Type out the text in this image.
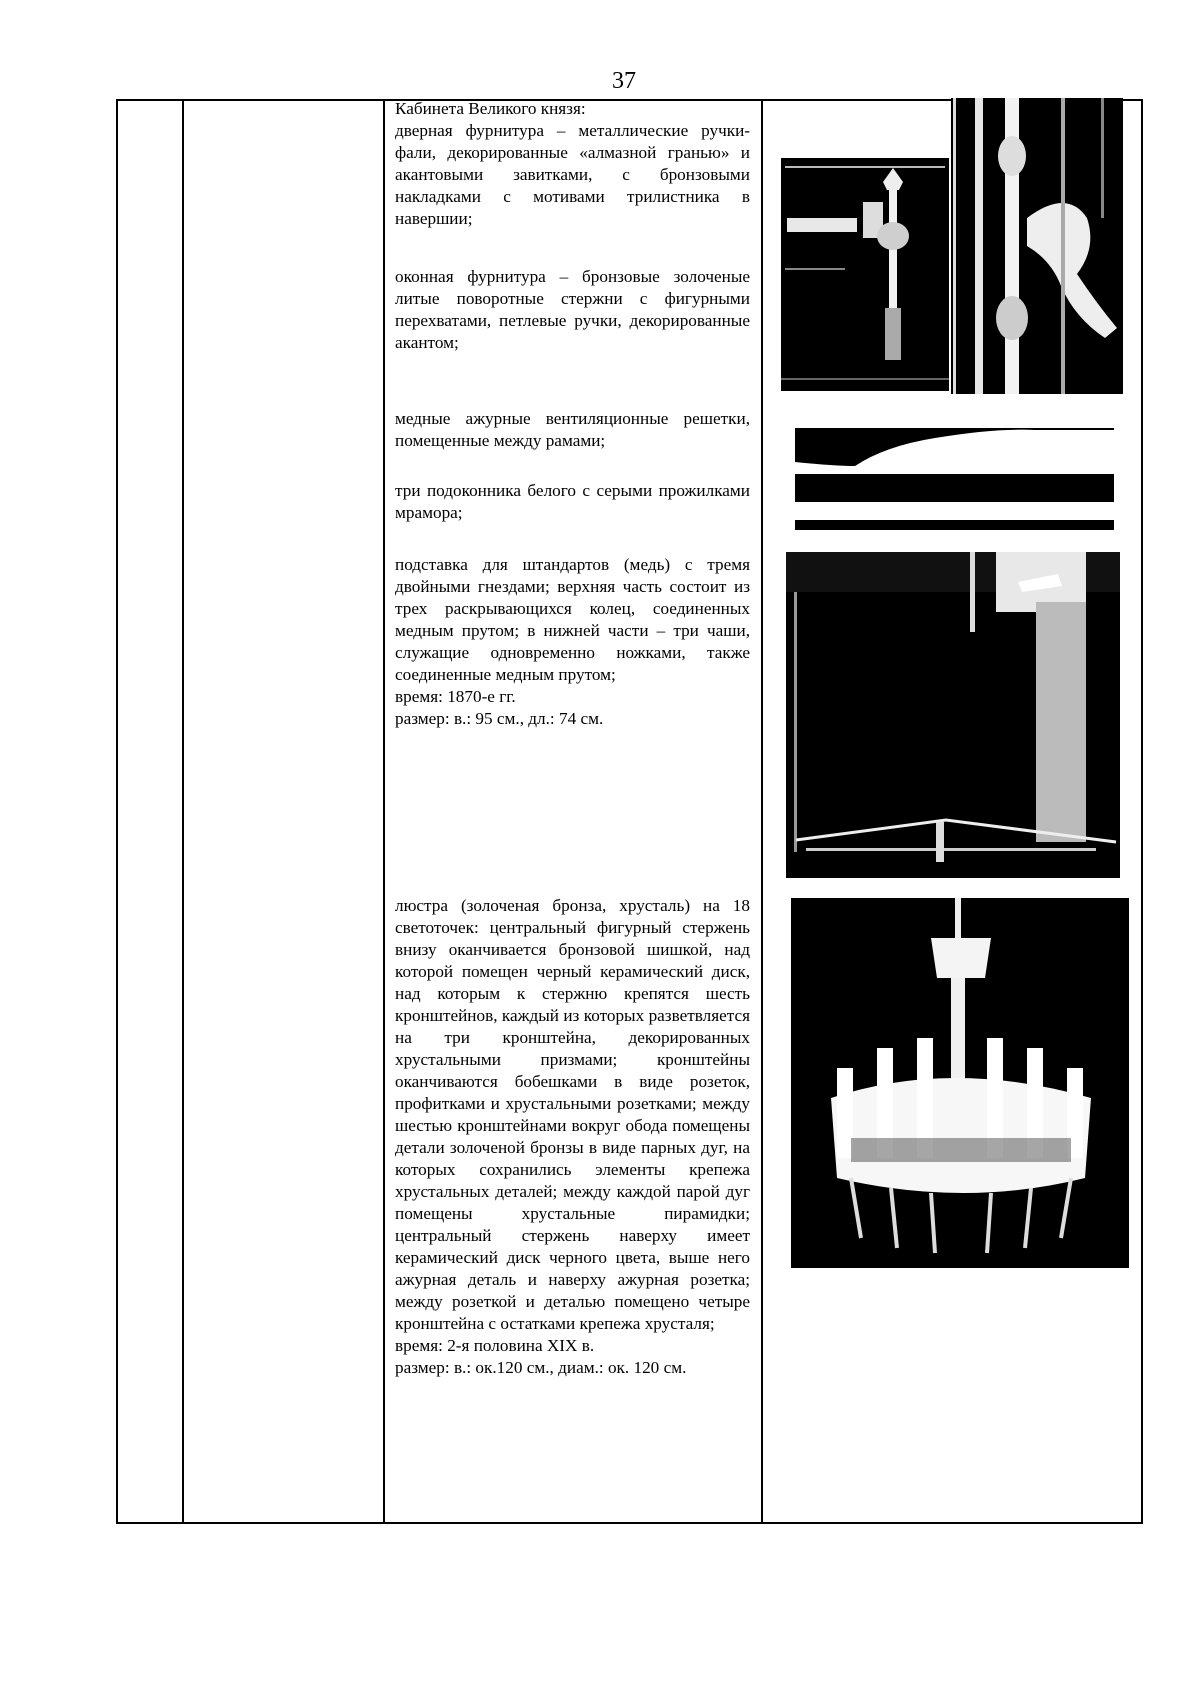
37

Кабинета Великого князя:

дверная фурнитура – металлические ручки-фали, декорированные «алмазной гранью» и акантовыми завитками, с бронзовыми накладками с мотивами трилистника в навершии;

оконная фурнитура – бронзовые золоченые литые поворотные стержни с фигурными перехватами, петлевые ручки, декорированные акантом;

медные ажурные вентиляционные решетки, помещенные между рамами;

три подоконника белого с серыми прожилками мрамора;

подставка для штандартов (медь) с тремя двойными гнездами; верхняя часть состоит из трех раскрывающихся колец, соединенных медным прутом; в нижней части – три чаши, служащие одновременно ножками, также соединенные медным прутом;

время: 1870-е гг.

размер: в.: 95 см., дл.: 74 см.

люстра (золоченая бронза, хрусталь) на 18 светоточек: центральный фигурный стержень внизу оканчивается бронзовой шишкой, над которой помещен черный керамический диск, над которым к стержню крепятся шесть кронштейнов, каждый из которых разветвляется на три кронштейна, декорированных хрустальными призмами; кронштейны оканчиваются бобешками в виде розеток, профитками и хрустальными розетками; между шестью кронштейнами вокруг обода помещены детали золоченой бронзы в виде парных дуг, на которых сохранились элементы крепежа хрустальных деталей; между каждой парой дуг помещены хрустальные пирамидки; центральный стержень наверху имеет керамический диск черного цвета, выше него ажурная деталь и наверху ажурная розетка; между розеткой и деталью помещено четыре кронштейна с остатками крепежа хрусталя;

время: 2-я половина XIX в.

размер: в.: ок.120 см., диам.: ок. 120 см.
